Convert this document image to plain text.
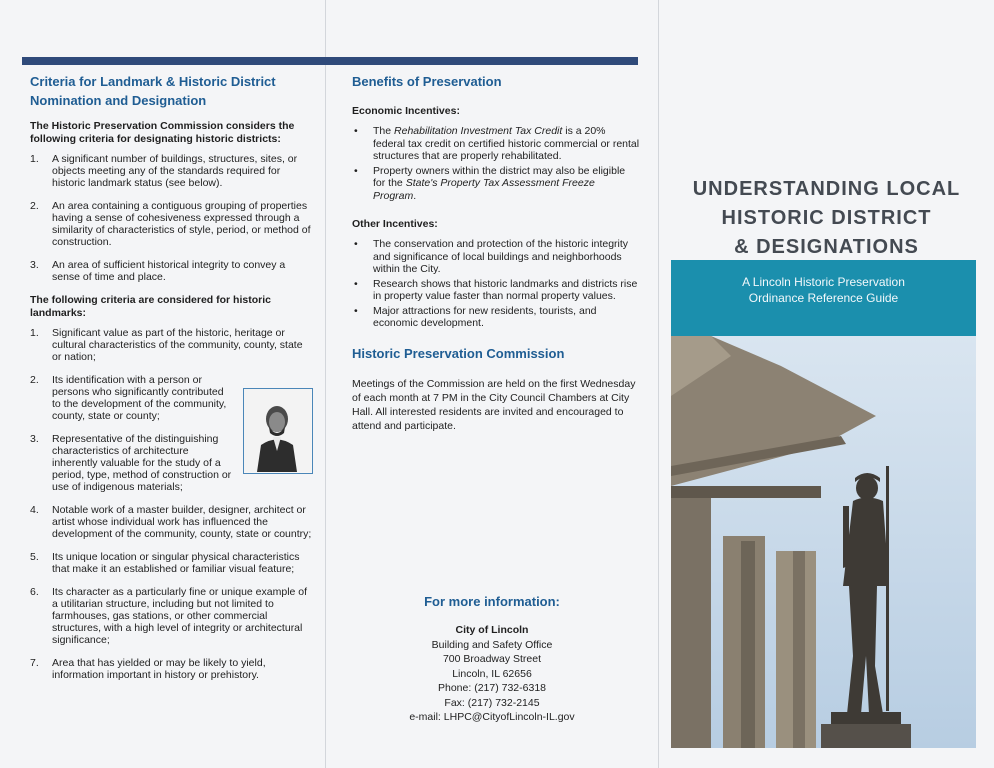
Criteria for Landmark & Historic District
Nomination and Designation

The Historic Preservation Commission considers the following criteria for designating historic districts:

1. A significant number of buildings, structures, sites, or objects meeting any of the standards required for historic landmark status (see below).
2. An area containing a contiguous grouping of properties having a sense of cohesiveness expressed through a similarity of characteristics of style, period, or method of construction.
3. An area of sufficient historical integrity to convey a sense of time and place.

The following criteria are considered for historic landmarks:

1. Significant value as part of the historic, heritage or cultural characteristics of the community, county, state or nation;
2. Its identification with a person or persons who significantly contributed to the development of the community, county, state or county;
3. Representative of the distinguishing characteristics of architecture inherently valuable for the study of a period, type, method of construction or use of indigenous materials;
4. Notable work of a master builder, designer, architect or artist whose individual work has influenced the development of the community, county, state or country;
5. Its unique location or singular physical characteristics that make it an established or familiar visual feature;
6. Its character as a particularly fine or unique example of a utilitarian structure, including but not limited to farmhouses, gas stations, or other commercial structures, with a high level of integrity or architectural significance;
7. Area that has yielded or may be likely to yield, information important in history or prehistory.
Benefits of Preservation
Economic Incentives:
• The Rehabilitation Investment Tax Credit is a 20% federal tax credit on certified historic commercial or rental structures that are properly rehabilitated.
• Property owners within the district may also be eligible for the State's Property Tax Assessment Freeze Program.
Other Incentives:
• The conservation and protection of the historic integrity and significance of local buildings and neighborhoods within the City.
• Research shows that historic landmarks and districts rise in property value faster than normal property values.
• Major attractions for new residents, tourists, and economic development.
Historic Preservation Commission

Meetings of the Commission are held on the first Wednesday of each month at 7 PM in the City Council Chambers at City Hall. All interested residents are invited and encouraged to attend and participate.

For more information:
City of Lincoln
Building and Safety Office
700 Broadway Street
Lincoln, IL 62656
Phone: (217) 732-6318
Fax: (217) 732-2145
e-mail: LHPC@CityofLincoln-IL.gov
UNDERSTANDING LOCAL
HISTORIC DISTRICT
& DESIGNATIONS
A Lincoln Historic Preservation
Ordinance Reference Guide
